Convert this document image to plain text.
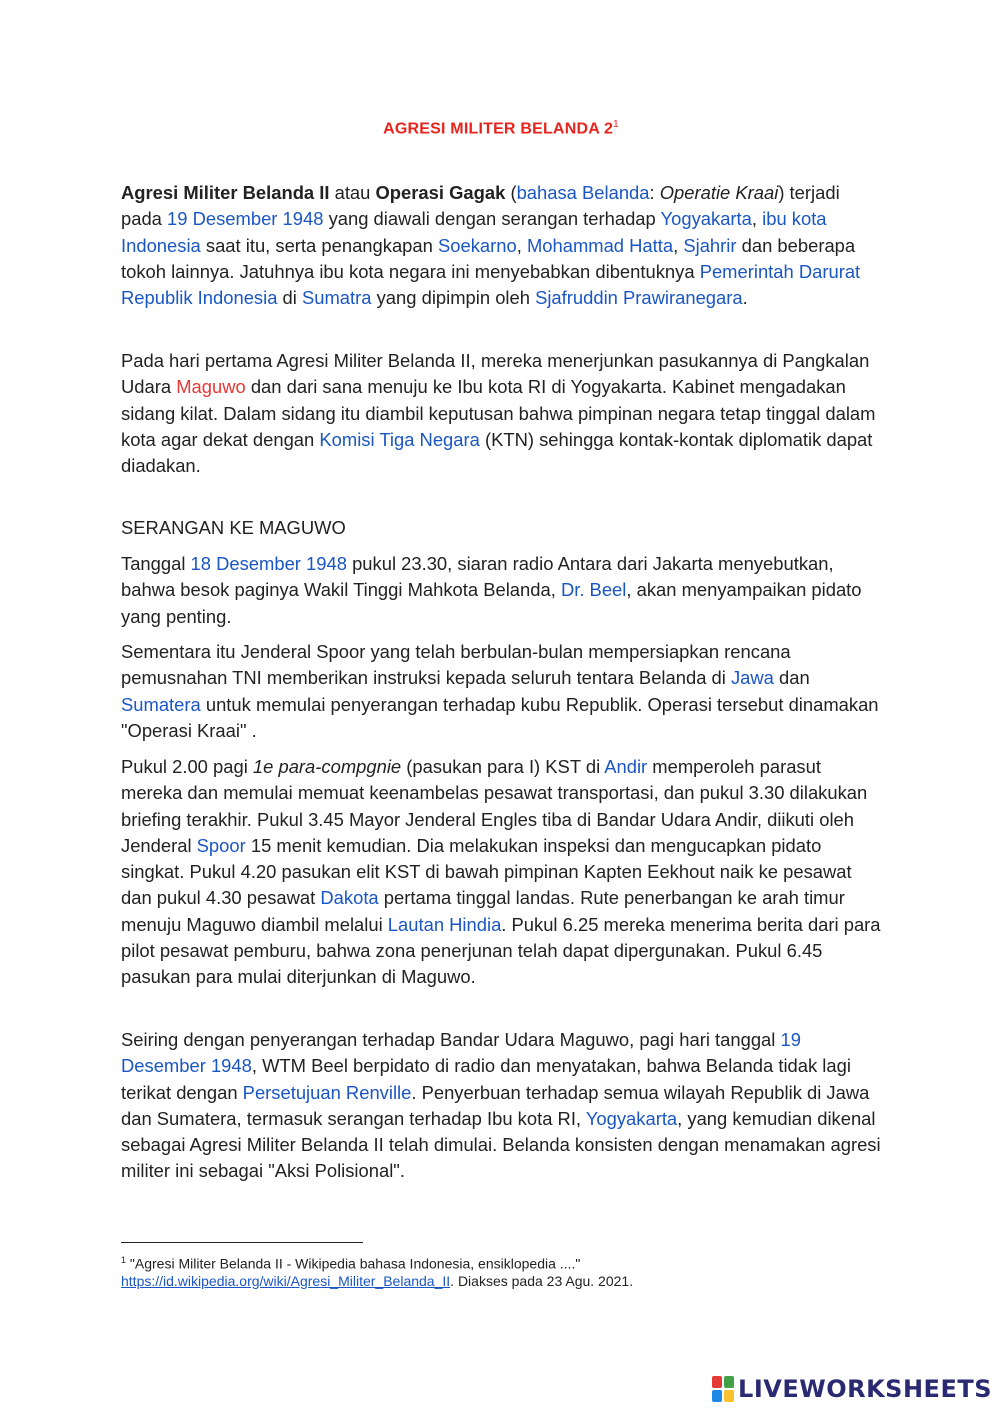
AGRESI MILITER BELANDA $2^1$

Agresi Militer Belanda II atau Operasi Gagak (bahasa Belanda: Operatie Kraai) terjadi pada 19 Desember 1948 yang diawali dengan serangan terhadap Yogyakarta, ibu kota Indonesia saat itu, serta penangkapan Soekarno, Mohammad Hatta, Sjahrir dan beberapa tokoh lainnya. Jatuhnya ibu kota negara ini menyebabkan dibentuknya Pemerintah Darurat Republik Indonesia di Sumatra yang dipimpin oleh Sjafruddin Prawiranegara.

Pada hari pertama Agresi Militer Belanda II, mereka menerjunkan pasukannya di Pangkalan Udara Maguwo dan dari sana menuju ke Ibu kota RI di Yogyakarta. Kabinet mengadakan sidang kilat. Dalam sidang itu diambil keputusan bahwa pimpinan negara tetap tinggal dalam kota agar dekat dengan Komisi Tiga Negara (KTN) sehingga kontak-kontak diplomatik dapat diadakan.

SERANGAN KE MAGUWO

Tanggal 18 Desember 1948 pukul 23.30, siaran radio Antara dari Jakarta menyebutkan, bahwa besok paginya Wakil Tinggi Mahkota Belanda, Dr. Beel, akan menyampaikan pidato yang penting.

Sementara itu Jenderal Spoor yang telah berbulan-bulan mempersiapkan rencana pemusnahan TNI memberikan instruksi kepada seluruh tentara Belanda di Jawa dan Sumatera untuk memulai penyerangan terhadap kubu Republik. Operasi tersebut dinamakan "Operasi Kraai" .

Pukul 2.00 pagi 1e para-compgnie (pasukan para I) KST di Andir memperoleh parasut mereka dan memulai memuat keenambelas pesawat transportasi, dan pukul 3.30 dilakukan briefing terakhir. Pukul 3.45 Mayor Jenderal Engles tiba di Bandar Udara Andir, diikuti oleh Jenderal Spoor 15 menit kemudian. Dia melakukan inspeksi dan mengucapkan pidato singkat. Pukul 4.20 pasukan elit KST di bawah pimpinan Kapten Eekhout naik ke pesawat dan pukul 4.30 pesawat Dakota pertama tinggal landas. Rute penerbangan ke arah timur menuju Maguwo diambil melalui Lautan Hindia. Pukul 6.25 mereka menerima berita dari para pilot pesawat pemburu, bahwa zona penerjunan telah dapat dipergunakan. Pukul 6.45 pasukan para mulai diterjunkan di Maguwo.

Seiring dengan penyerangan terhadap Bandar Udara Maguwo, pagi hari tanggal 19 Desember 1948, WTM Beel berpidato di radio dan menyatakan, bahwa Belanda tidak lagi terikat dengan Persetujuan Renville. Penyerbuan terhadap semua wilayah Republik di Jawa dan Sumatera, termasuk serangan terhadap Ibu kota RI, Yogyakarta, yang kemudian dikenal sebagai Agresi Militer Belanda II telah dimulai. Belanda konsisten dengan menamakan agresi militer ini sebagai "Aksi Polisional".

$^1$ "Agresi Militer Belanda II - Wikipedia bahasa Indonesia, ensiklopedia ...."
https://id.wikipedia.org/wiki/Agresi_Militer_Belanda_II. Diakses pada 23 Agu. 2021.
LIVEWORKSHEETS
